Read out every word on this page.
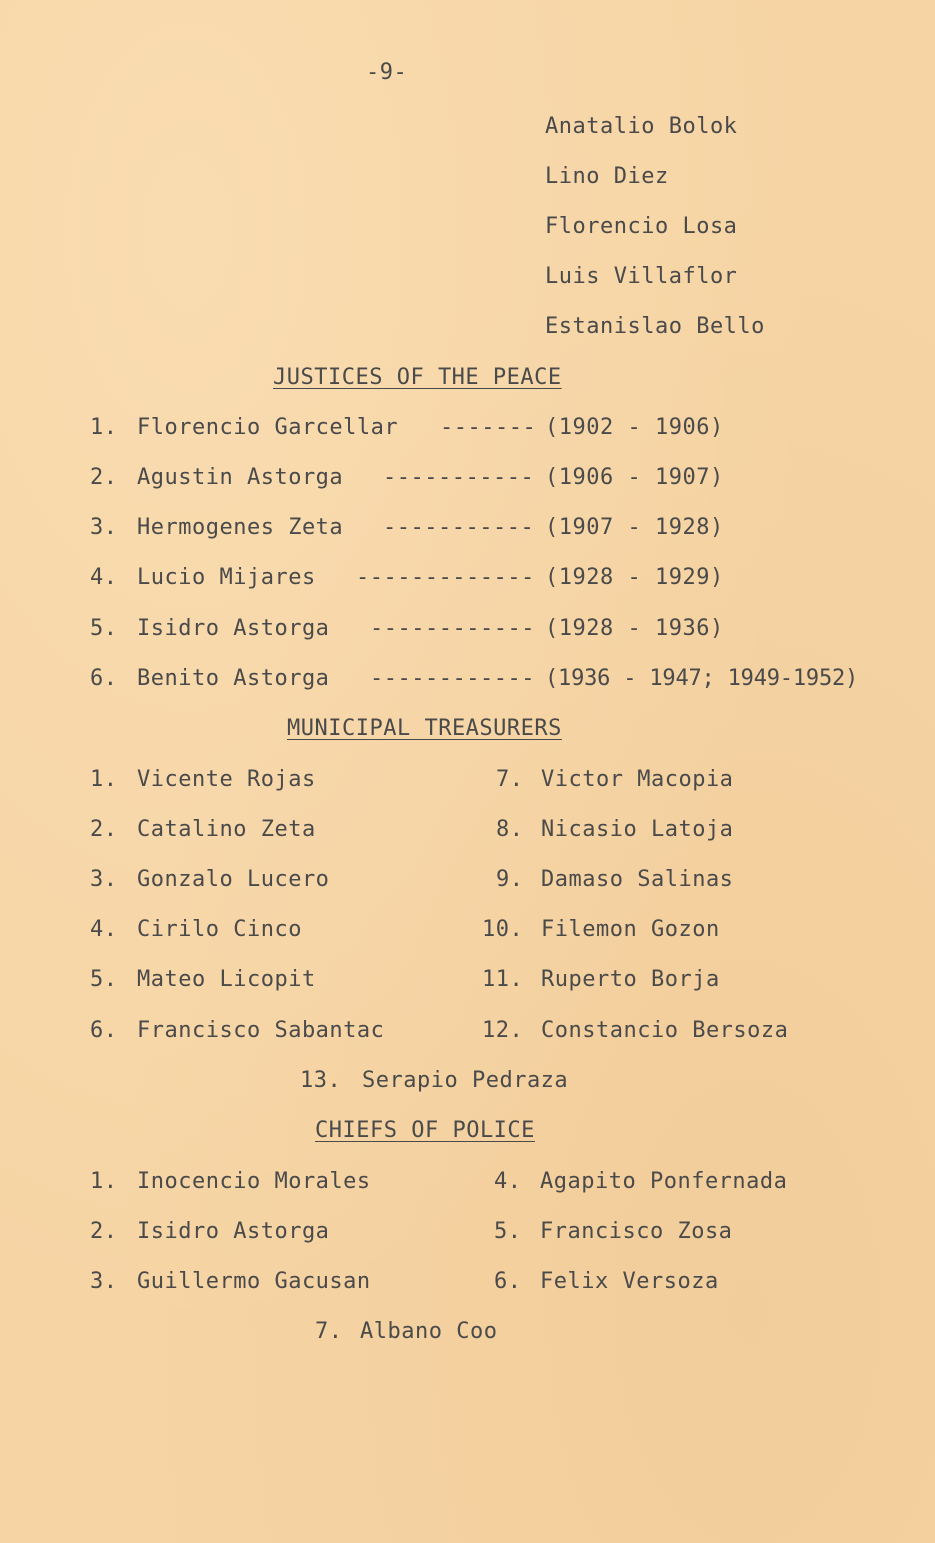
-9-
Anatalio Bolok
Lino Diez
Florencio Losa
Luis Villaflor
Estanislao Bello
JUSTICES OF THE PEACE
1. Florencio Garcellar ------- (1902 - 1906)
2. Agustin Astorga ----------- (1906 - 1907)
3. Hermogenes Zeta ----------- (1907 - 1928)
4. Lucio Mijares ------------- (1928 - 1929)
5. Isidro Astorga ------------ (1928 - 1936)
6. Benito Astorga ------------ (1936 - 1947; 1949-1952)
MUNICIPAL TREASURERS
1. Vicente Rojas
2. Catalino Zeta
3. Gonzalo Lucero
4. Cirilo Cinco
5. Mateo Licopit
6. Francisco Sabantac
7. Victor Macopia
8. Nicasio Latoja
9. Damaso Salinas
10. Filemon Gozon
11. Ruperto Borja
12. Constancio Bersoza
13. Serapio Pedraza
CHIEFS OF POLICE
1. Inocencio Morales
2. Isidro Astorga
3. Guillermo Gacusan
4. Agapito Ponfernada
5. Francisco Zosa
6. Felix Versoza
7. Albano Coo
